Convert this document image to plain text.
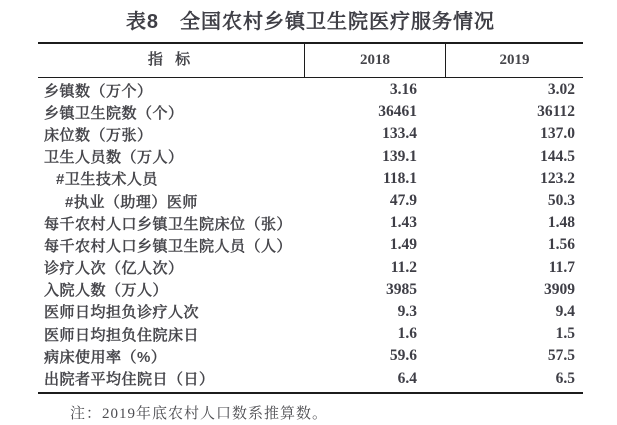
表8　全国农村乡镇卫生院医疗服务情况
指 标	2018	2019
乡镇数（万个）	3.16	3.02
乡镇卫生院数（个）	36461	36112
床位数（万张）	133.4	137.0
卫生人员数（万人）	139.1	144.5
#卫生技术人员	118.1	123.2
#执业（助理）医师	47.9	50.3
每千农村人口乡镇卫生院床位（张）	1.43	1.48
每千农村人口乡镇卫生院人员（人）	1.49	1.56
诊疗人次（亿人次）	11.2	11.7
入院人数（万人）	3985	3909
医师日均担负诊疗人次	9.3	9.4
医师日均担负住院床日	1.6	1.5
病床使用率（%）	59.6	57.5
出院者平均住院日（日）	6.4	6.5
注：2019年底农村人口数系推算数。
